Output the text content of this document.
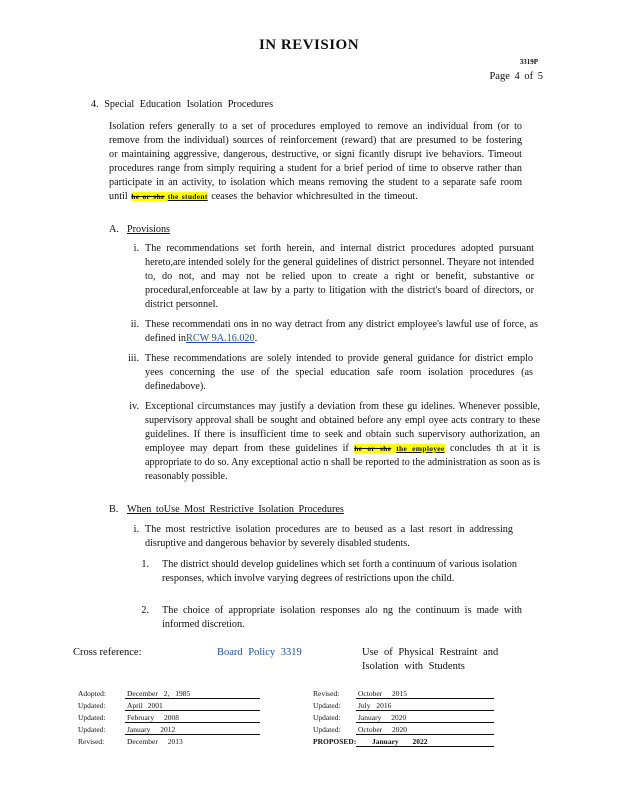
IN REVISION
3319P
Page 4 of 5
4. Special Education Isolation Procedures
Isolation refers generally to a set of procedures employed to remove an individual from (or to remove from the individual) sources of reinforcement (reward) that are presumed to be fostering or maintaining aggressive, dangerous, destructive, or signi ficantly disrupt ive behaviors. Timeout procedures range from simply requiring a student for a brief period of time to observe rather than participate in an activity, to isolation which means removing the student to a separate safe room until he or she the student ceases the behavior whichresulted in the timeout.
A. Provisions
i. The recommendations set forth herein, and internal district procedures adopted pursuant hereto,are intended solely for the general guidelines of district personnel. Theyare not intended to, do not, and may not be relied upon to create a right or benefit, substantive or procedural,enforceable at law by a party to litigation with the district's board of directors, or district personnel.
ii. These recommendati ons in no way detract from any district employee's lawful use of force, as defined inRCW 9A.16.020.
iii. These recommendations are solely intended to provide general guidance for district emplo yees concerning the use of the special education safe room isolation procedures (as definedabove).
iv. Exceptional circumstances may justify a deviation from these gu idelines. Whenever possible, supervisory approval shall be sought and obtained before any empl oyee acts contrary to these guidelines. If there is insufficient time to seek and obtain such supervisory authorization, an employee may depart from these guidelines if he or she the employee concludes th at it is appropriate to do so. Any exceptional actio n shall be reported to the administration as soon as is reasonably possible.
B. When toUse Most Restrictive Isolation Procedures
i. The most restrictive isolation procedures are to beused as a last resort in addressing disruptive and dangerous behavior by severely disabled students.
1. The district should develop guidelines which set forth a continuum of various isolation responses, which involve varying degrees of restrictions upon the child.
2. The choice of appropriate isolation responses alo ng the continuum is made with informed discretion.
Cross reference:	Board Policy 3319	Use of Physical Restraint and Isolation with Students
Adopted:	December 2, 1985
Updated:	April 2001
Updated:	February 2008
Updated:	January 2012
Revised:	December 2013
Revised:	October 2015
Updated: July 2016
Updated: January 2020
Updated: October 2020
PROPOSED: January 2022
